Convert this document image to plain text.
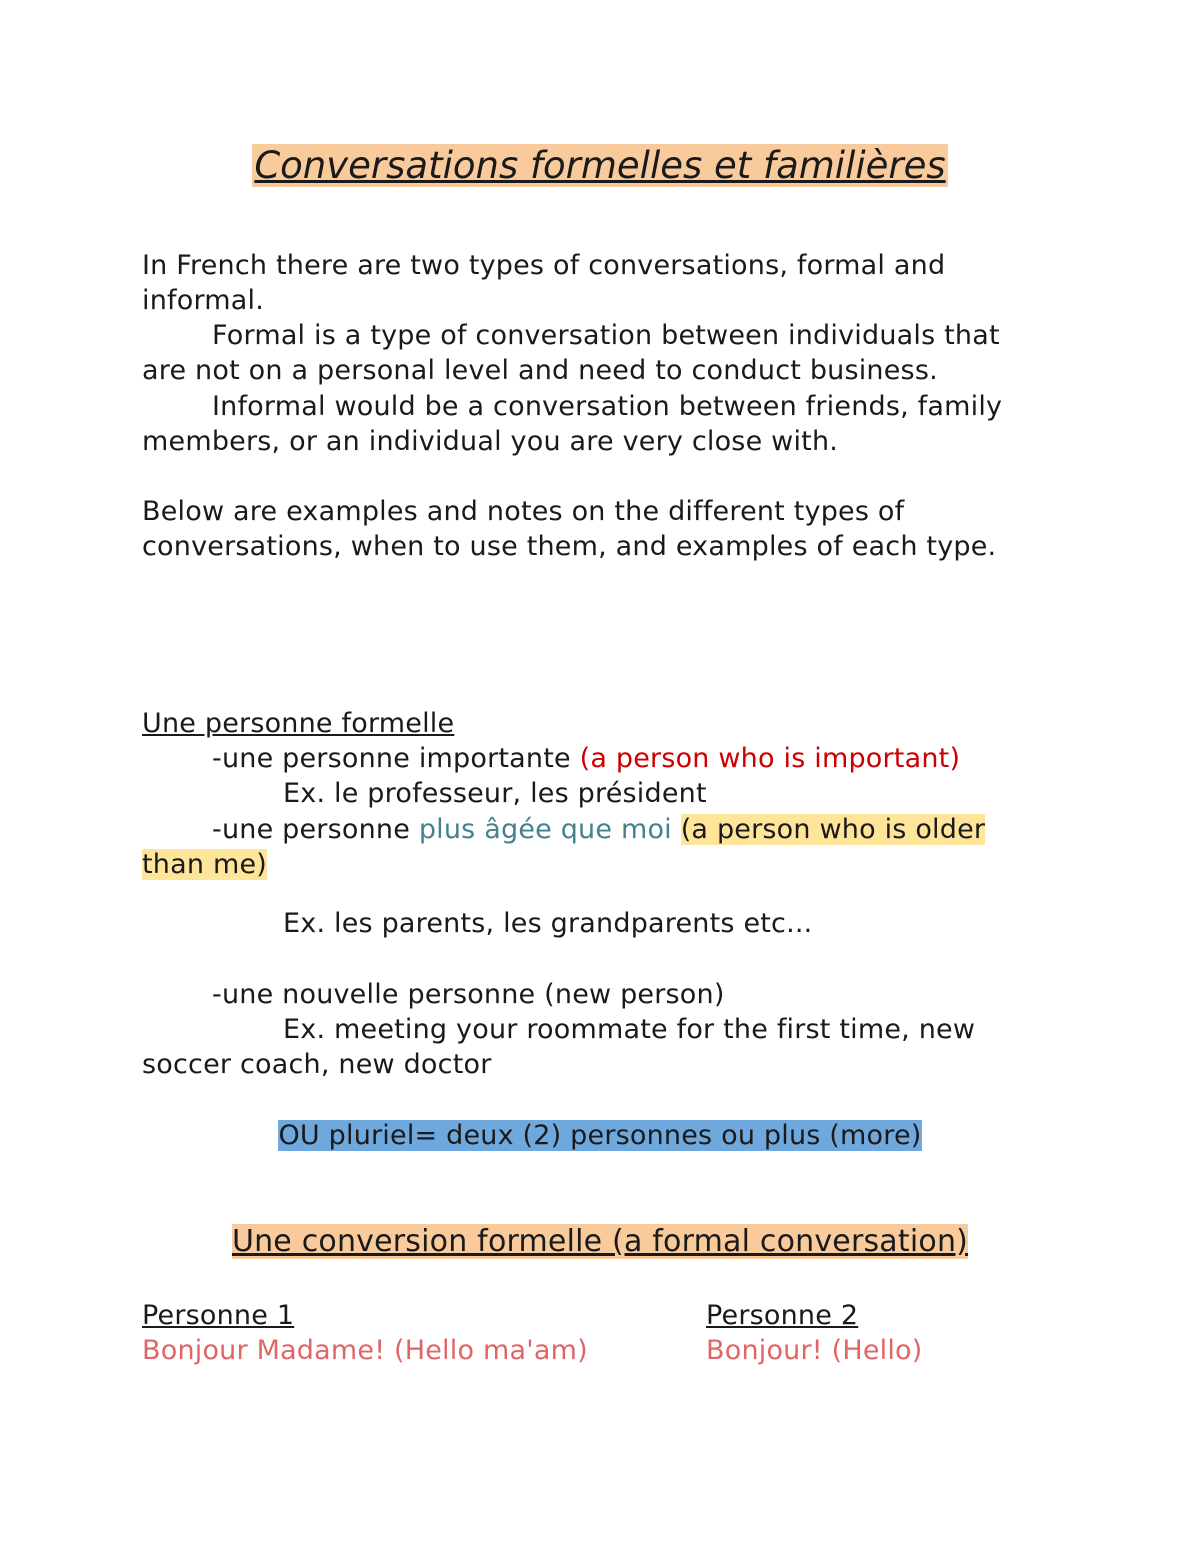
Conversations formelles et familières
In French there are two types of conversations, formal and
informal.
Formal is a type of conversation between individuals that
are not on a personal level and need to conduct business.
Informal would be a conversation between friends, family
members, or an individual you are very close with.
Below are examples and notes on the different types of
conversations, when to use them, and examples of each type.
Une personne formelle
-une personne importante (a person who is important)
Ex. le professeur, les président
-une personne plus âgée que moi (a person who is older
than me)
Ex. les parents, les grandparents etc...
-une nouvelle personne (new person)
Ex. meeting your roommate for the first time, new
soccer coach, new doctor
OU pluriel= deux (2) personnes ou plus (more)
Une conversion formelle (a formal conversation)
Personne 1
Bonjour Madame! (Hello ma'am)
Personne 2
Bonjour! (Hello)
